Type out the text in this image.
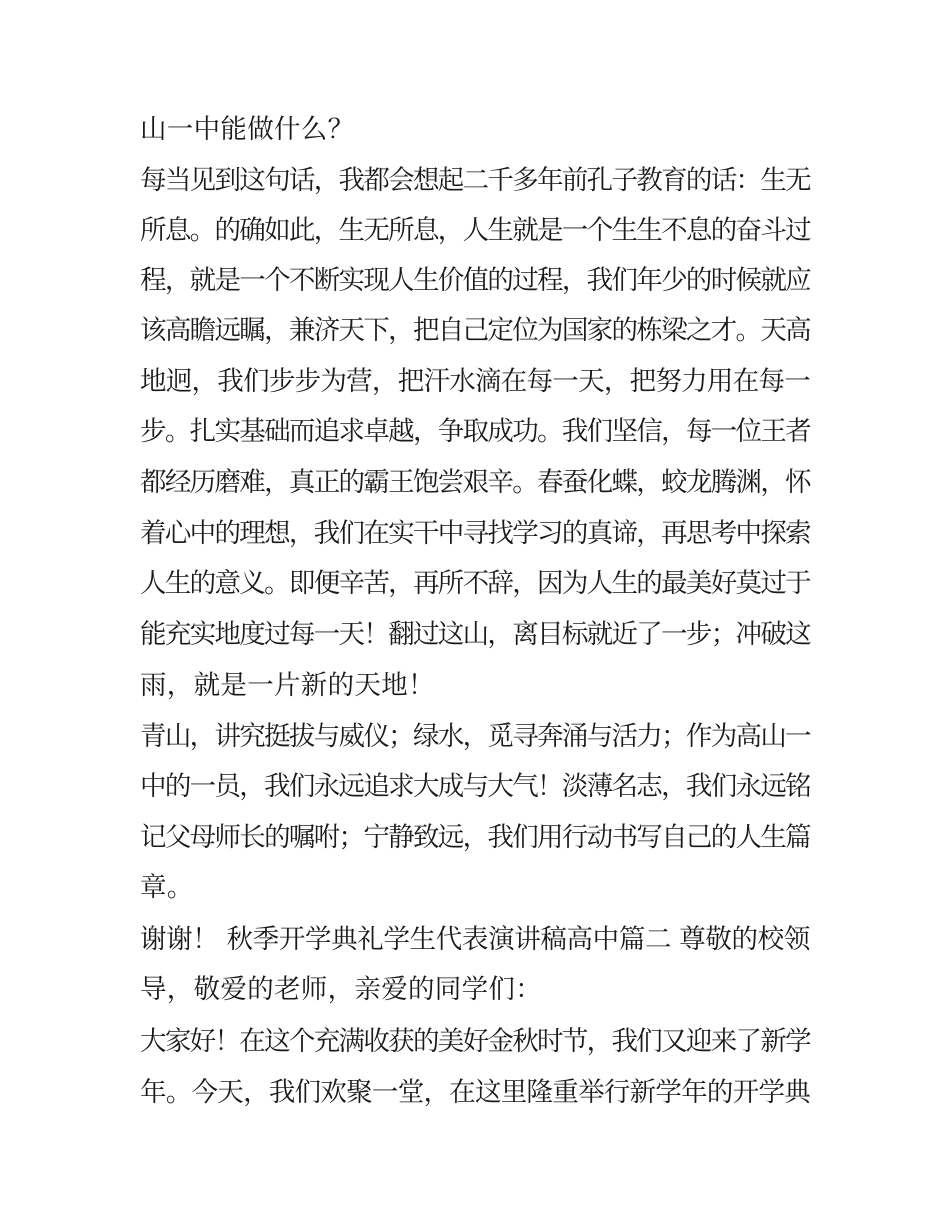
山一中能做什么？
每当见到这句话，我都会想起二千多年前孔子教育的话：生无
所息。的确如此，生无所息，人生就是一个生生不息的奋斗过
程，就是一个不断实现人生价值的过程，我们年少的时候就应
该高瞻远瞩，兼济天下，把自己定位为国家的栋梁之才。天高
地迥，我们步步为营，把汗水滴在每一天，把努力用在每一
步。扎实基础而追求卓越，争取成功。我们坚信，每一位王者
都经历磨难，真正的霸王饱尝艰辛。春蚕化蝶，蛟龙腾渊，怀
着心中的理想，我们在实干中寻找学习的真谛，再思考中探索
人生的意义。即便辛苦，再所不辞，因为人生的最美好莫过于
能充实地度过每一天！翻过这山，离目标就近了一步；冲破这
雨，就是一片新的天地！
青山，讲究挺拔与威仪；绿水，觅寻奔涌与活力；作为高山一
中的一员，我们永远追求大成与大气！淡薄名志，我们永远铭
记父母师长的嘱咐；宁静致远，我们用行动书写自己的人生篇
章。
谢谢！ 秋季开学典礼学生代表演讲稿高中篇二 尊敬的校领
导，敬爱的老师，亲爱的同学们：
大家好！在这个充满收获的美好金秋时节，我们又迎来了新学
年。今天，我们欢聚一堂，在这里隆重举行新学年的开学典
